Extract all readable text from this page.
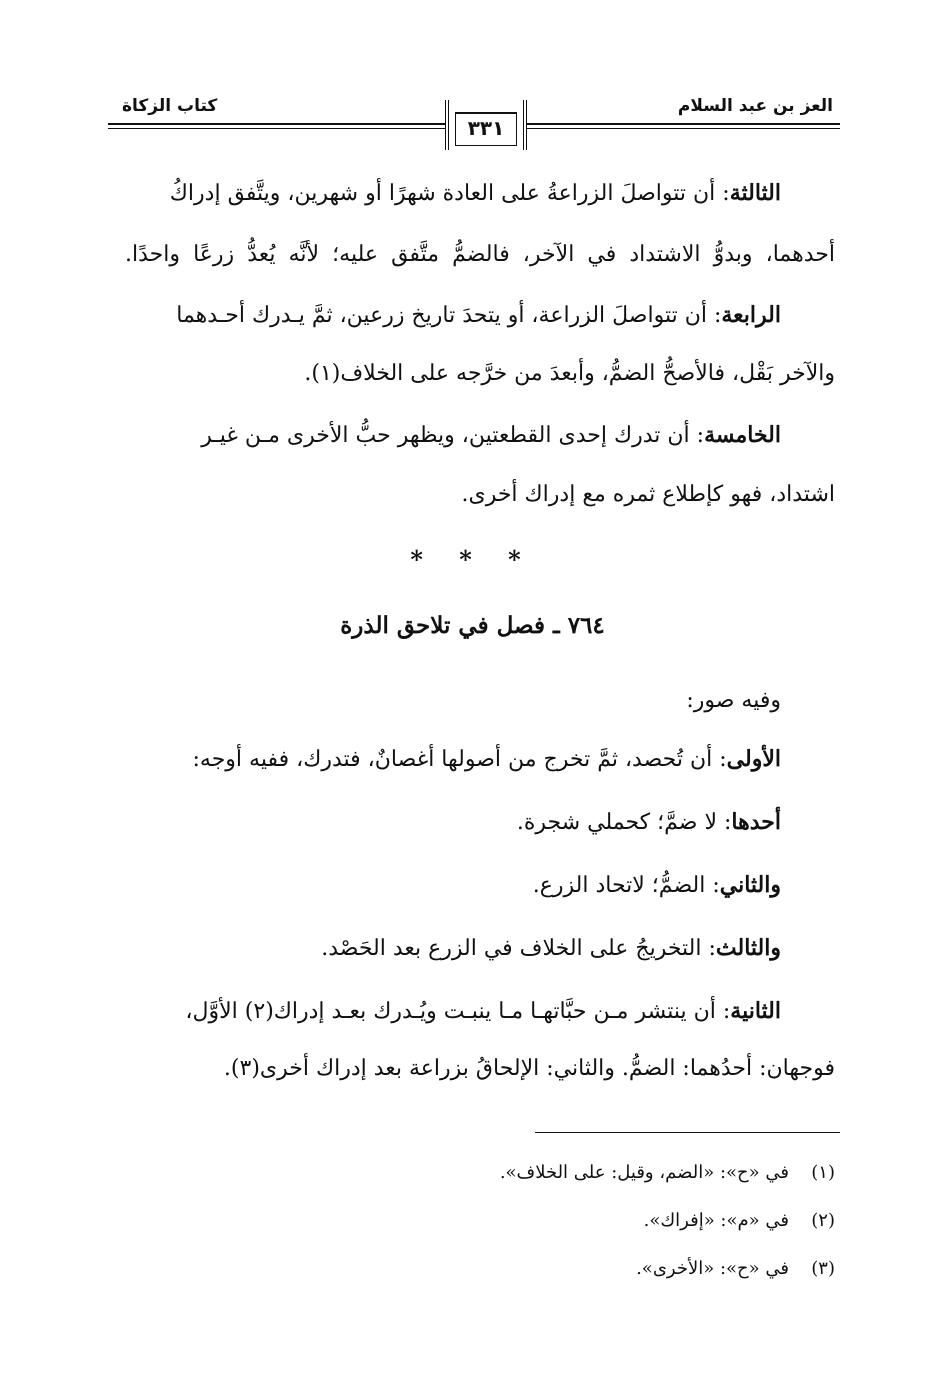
العز بن عبد السلام
كتاب الزكاة
٣٣١
الثالثة: أن تتواصلَ الزراعةُ على العادة شهرًا أو شهرين، ويتَّفق إدراكُ
أحدهما، وبدوُّ الاشتداد في الآخر، فالضمُّ متَّفق عليه؛ لأنَّه يُعدُّ زرعًا واحدًا.
الرابعة: أن تتواصلَ الزراعة، أو يتحدَ تاريخ زرعين، ثمَّ يـدرك أحـدهما
والآخر بَقْل، فالأصحُّ الضمُّ، وأبعدَ من خرَّجه على الخلاف(١).
الخامسة: أن تدرك إحدى القطعتين، ويظهر حبُّ الأخرى مـن غيـر
اشتداد، فهو كإطلاع ثمره مع إدراك أخرى.
* * *
٧٦٤ ـ فصل في تلاحق الذرة
وفيه صور:
الأولى: أن تُحصد، ثمَّ تخرج من أصولها أغصانٌ، فتدرك، ففيه أوجه:
أحدها: لا ضمَّ؛ كحملي شجرة.
والثاني: الضمُّ؛ لاتحاد الزرع.
والثالث: التخريجُ على الخلاف في الزرع بعد الحَصْد.
الثانية: أن ينتشر مـن حبَّاتهـا مـا ينبـت ويُـدرك بعـد إدراك(٢) الأوَّل،
فوجهان: أحدُهما: الضمُّ. والثاني: الإلحاقُ بزراعة بعد إدراك أخرى(٣).
(١)في «ح»: «الضم، وقيل: على الخلاف».
(٢)في «م»: «إفراك».
(٣)في «ح»: «الأخرى».
